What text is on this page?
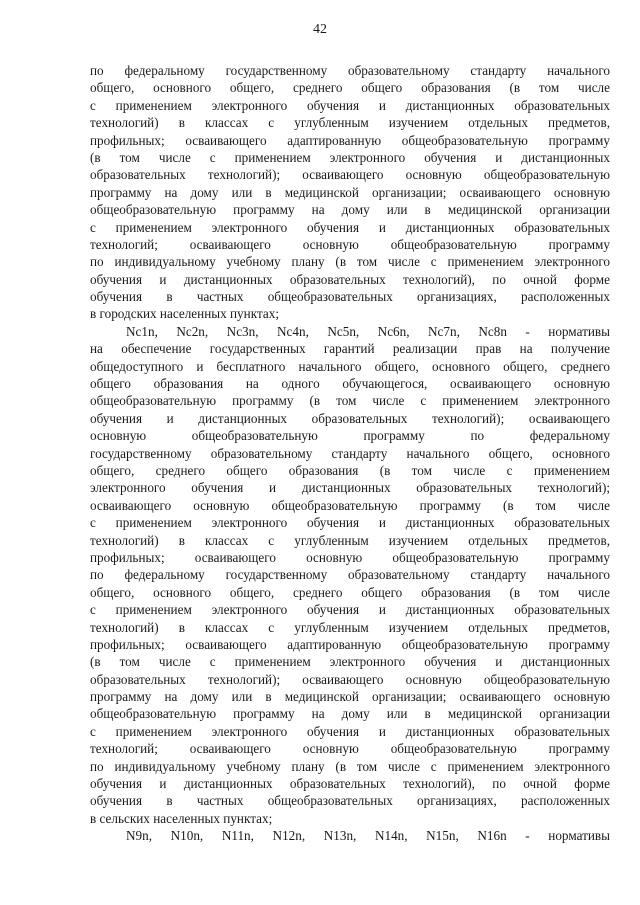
42
по федеральному государственному образовательному стандарту начального
общего, основного общего, среднего общего образования (в том числе
с применением электронного обучения и дистанционных образовательных
технологий) в классах с углубленным изучением отдельных предметов,
профильных; осваивающего адаптированную общеобразовательную программу
(в том числе с применением электронного обучения и дистанционных
образовательных технологий); осваивающего основную общеобразовательную
программу на дому или в медицинской организации; осваивающего основную
общеобразовательную программу на дому или в медицинской организации
с применением электронного обучения и дистанционных образовательных
технологий; осваивающего основную общеобразовательную программу
по индивидуальному учебному плану (в том числе с применением электронного
обучения и дистанционных образовательных технологий), по очной форме
обучения в частных общеобразовательных организациях, расположенных
в городских населенных пунктах;
Nc1n, Nc2n, Nc3n, Nc4n, Nc5n, Nc6n, Nc7n, Nc8n - нормативы
на обеспечение государственных гарантий реализации прав на получение
общедоступного и бесплатного начального общего, основного общего, среднего
общего образования на одного обучающегося, осваивающего основную
общеобразовательную программу (в том числе с применением электронного
обучения и дистанционных образовательных технологий); осваивающего
основную общеобразовательную программу по федеральному
государственному образовательному стандарту начального общего, основного
общего, среднего общего образования (в том числе с применением
электронного обучения и дистанционных образовательных технологий);
осваивающего основную общеобразовательную программу (в том числе
с применением электронного обучения и дистанционных образовательных
технологий) в классах с углубленным изучением отдельных предметов,
профильных; осваивающего основную общеобразовательную программу
по федеральному государственному образовательному стандарту начального
общего, основного общего, среднего общего образования (в том числе
с применением электронного обучения и дистанционных образовательных
технологий) в классах с углубленным изучением отдельных предметов,
профильных; осваивающего адаптированную общеобразовательную программу
(в том числе с применением электронного обучения и дистанционных
образовательных технологий); осваивающего основную общеобразовательную
программу на дому или в медицинской организации; осваивающего основную
общеобразовательную программу на дому или в медицинской организации
с применением электронного обучения и дистанционных образовательных
технологий; осваивающего основную общеобразовательную программу
по индивидуальному учебному плану (в том числе с применением электронного
обучения и дистанционных образовательных технологий), по очной форме
обучения в частных общеобразовательных организациях, расположенных
в сельских населенных пунктах;
N9n, N10n, N11n, N12n, N13n, N14n, N15n, N16n - нормативы
